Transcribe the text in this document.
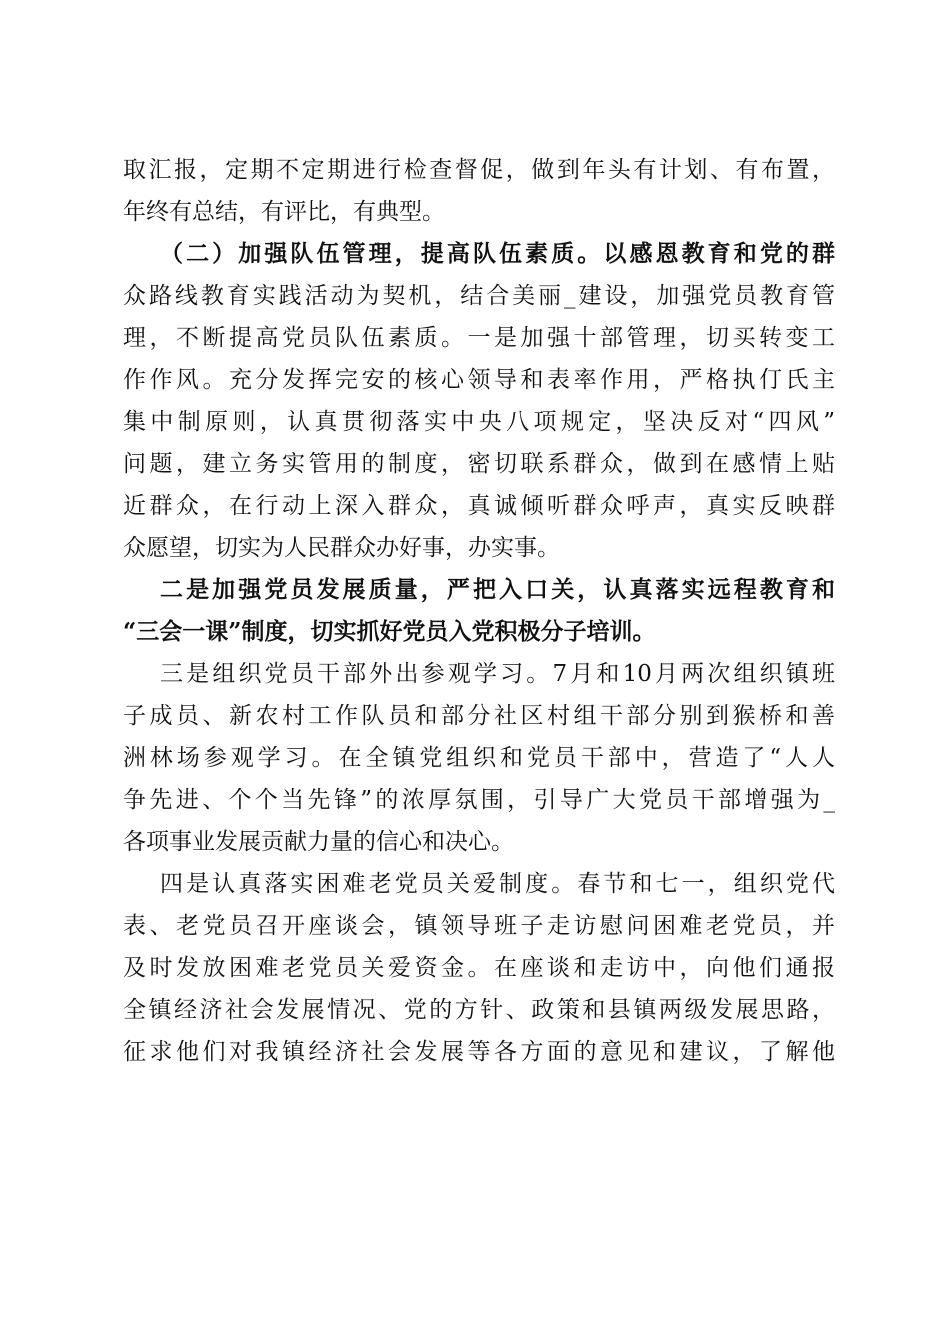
取汇报，定期不定期进行检查督促，做到年头有计划、有布置，
年终有总结，有评比，有典型。
（二）加强队伍管理，提高队伍素质。以感恩教育和党的群
众路线教育实践活动为契机，结合美丽_建设，加强党员教育管
理，不断提高党员队伍素质。一是加强十部管理，切买转变工
作作风。充分发挥完安的核心领导和表率作用，严格执仃氏主
集中制原则，认真贯彻落实中央八项规定，坚决反对“四风”
问题，建立务实管用的制度，密切联系群众，做到在感情上贴
近群众，在行动上深入群众，真诚倾听群众呼声，真实反映群
众愿望，切实为人民群众办好事，办实事。
二是加强党员发展质量，严把入口关，认真落实远程教育和
“三会一课”制度，切实抓好党员入党积极分子培训。
三是组织党员干部外出参观学习。7月和10月两次组织镇班
子成员、新农村工作队员和部分社区村组干部分别到猴桥和善
洲林场参观学习。在全镇党组织和党员干部中，营造了“人人
争先进、个个当先锋”的浓厚氛围，引导广大党员干部增强为_
各项事业发展贡献力量的信心和决心。
四是认真落实困难老党员关爱制度。春节和七一，组织党代
表、老党员召开座谈会，镇领导班子走访慰问困难老党员，并
及时发放困难老党员关爱资金。在座谈和走访中，向他们通报
全镇经济社会发展情况、党的方针、政策和县镇两级发展思路，
征求他们对我镇经济社会发展等各方面的意见和建议，了解他
